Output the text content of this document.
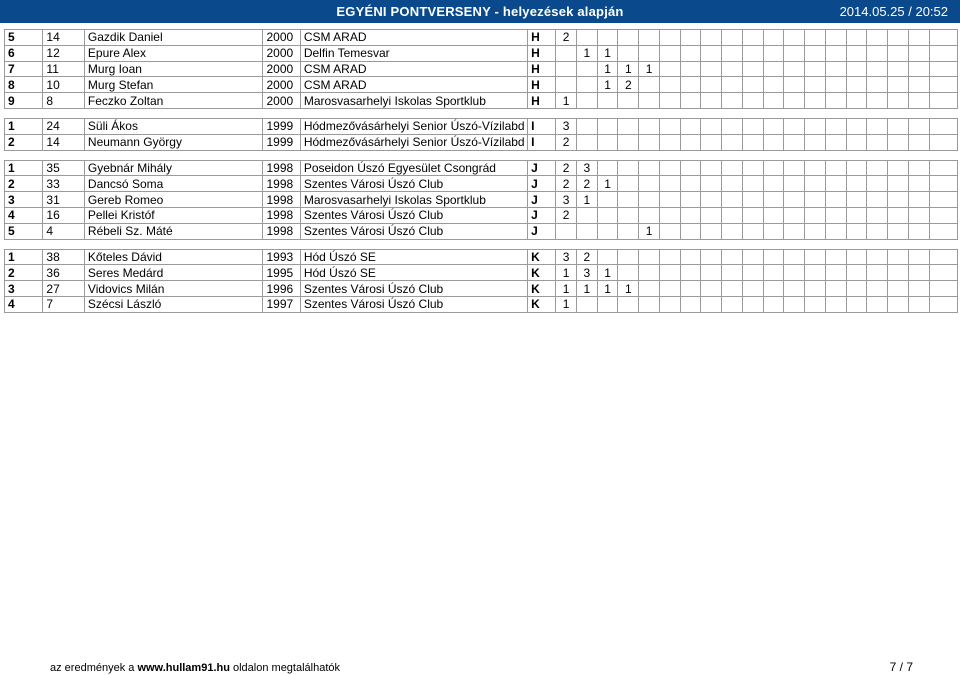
EGYÉNI PONTVERSENY - helyezések alapján	2014.05.25 / 20:52
5	14	Gazdik Daniel	2000	CSM ARAD	H	2																		
6	12	Epure Alex	2000	Delfin Temesvar	H		1	1																
7	11	Murg Ioan	2000	CSM ARAD	H			1	1	1														
8	10	Murg Stefan	2000	CSM ARAD	H			1	2															
9	8	Feczko Zoltan	2000	Marosvasarhelyi Iskolas Sportklub	H	1																		

1	24	Süli Ákos	1999	Hódmezővásárhelyi Senior Úszó-Vízilabd	I	3																		
2	14	Neumann György	1999	Hódmezővásárhelyi Senior Úszó-Vízilabd	I	2																		

1	35	Gyebnár Mihály	1998	Poseidon Úszó Egyesület Csongrád	J	2	3																	
2	33	Dancsó Soma	1998	Szentes Városi Úszó Club	J	2	2	1																
3	31	Gereb Romeo	1998	Marosvasarhelyi Iskolas Sportklub	J	3	1																	
4	16	Pellei Kristóf	1998	Szentes Városi Úszó Club	J	2																		
5	4	Rébeli Sz. Máté	1998	Szentes Városi Úszó Club	J					1														

1	38	Kőteles Dávid	1993	Hód Úszó SE	K	3	2																	
2	36	Seres Medárd	1995	Hód Úszó SE	K	1	3	1																
3	27	Vidovics Milán	1996	Szentes Városi Úszó Club	K	1	1	1	1															
4	7	Szécsi László	1997	Szentes Városi Úszó Club	K	1																		
az eredmények a www.hullam91.hu oldalon megtalálhatók	7 / 7
